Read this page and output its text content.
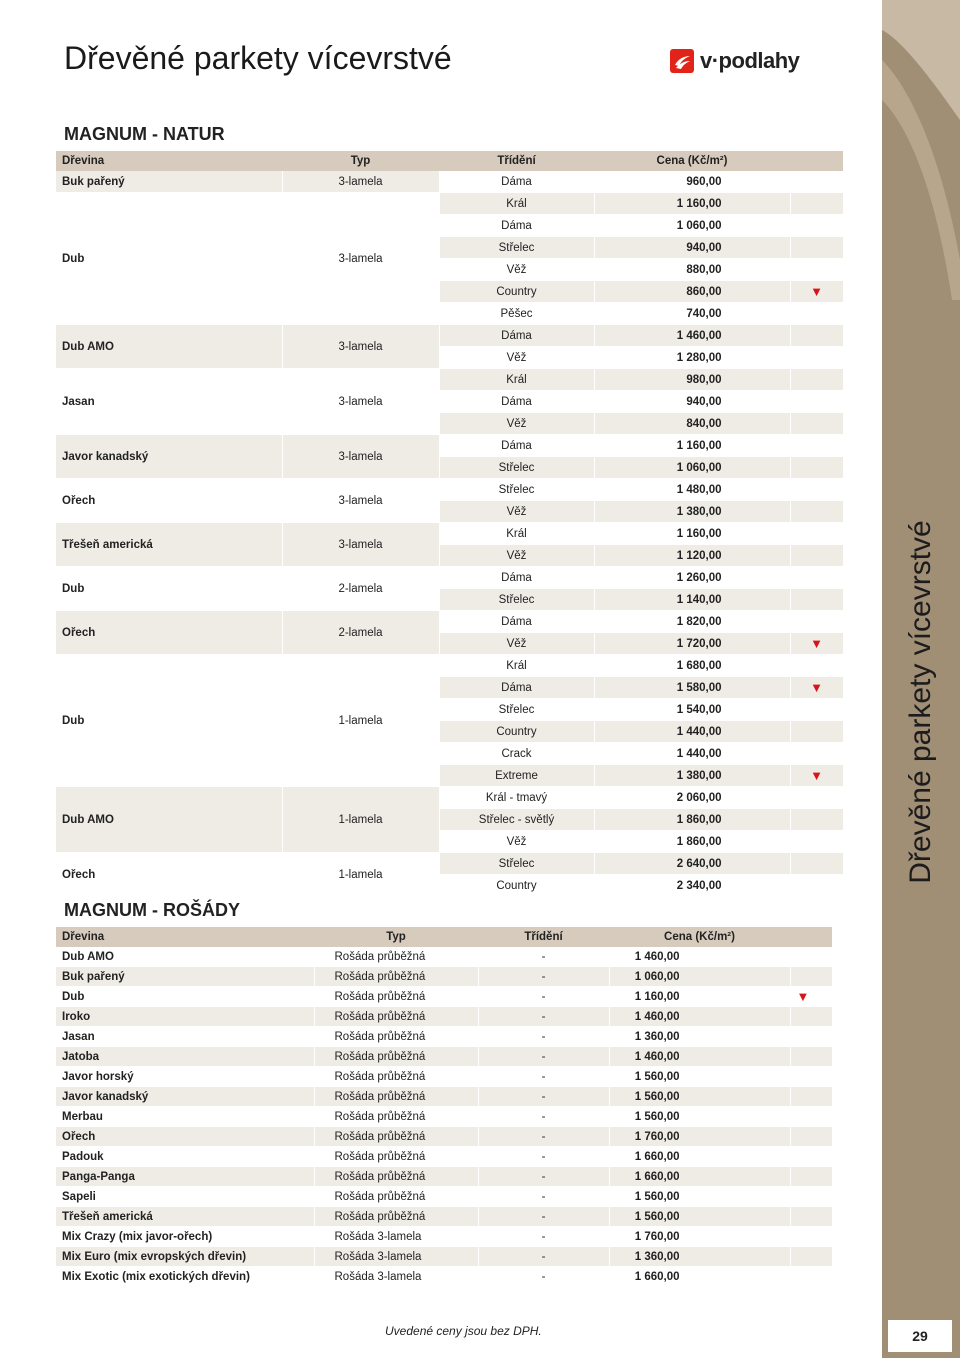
Dřevěné parkety vícevrstvé
29
Dřevěné parkety vícevrstvé	v·podlahy
MAGNUM - NATUR
Dřevina	Typ	Třídění	Cena (Kč/m²)	
Buk pařený	3-lamela	Dáma	960,00	
Dub	3-lamela	Král	1 160,00	
		Dáma	1 060,00	
		Střelec	940,00	
		Věž	880,00	
		Country	860,00	▼
		Pěšec	740,00	
Dub AMO	3-lamela	Dáma	1 460,00	
		Věž	1 280,00	
Jasan	3-lamela	Král	980,00	
		Dáma	940,00	
		Věž	840,00	
Javor kanadský	3-lamela	Dáma	1 160,00	
		Střelec	1 060,00	
Ořech	3-lamela	Střelec	1 480,00	
		Věž	1 380,00	
Třešeň americká	3-lamela	Král	1 160,00	
		Věž	1 120,00	
Dub	2-lamela	Dáma	1 260,00	
		Střelec	1 140,00	
Ořech	2-lamela	Dáma	1 820,00	
		Věž	1 720,00	▼
Dub	1-lamela	Král	1 680,00	
		Dáma	1 580,00	▼
		Střelec	1 540,00	
		Country	1 440,00	
		Crack	1 440,00	
		Extreme	1 380,00	▼
Dub AMO	1-lamela	Král - tmavý	2 060,00	
		Střelec - světlý	1 860,00	
		Věž	1 860,00	
Ořech	1-lamela	Střelec	2 640,00	
		Country	2 340,00	
MAGNUM - ROŠÁDY
Dřevina	Typ	Třídění	Cena (Kč/m²)	
Dub AMO	Rošáda průběžná	-	1 460,00	
Buk pařený	Rošáda průběžná	-	1 060,00	
Dub	Rošáda průběžná	-	1 160,00	▼
Iroko	Rošáda průběžná	-	1 460,00	
Jasan	Rošáda průběžná	-	1 360,00	
Jatoba	Rošáda průběžná	-	1 460,00	
Javor horský	Rošáda průběžná	-	1 560,00	
Javor kanadský	Rošáda průběžná	-	1 560,00	
Merbau	Rošáda průběžná	-	1 560,00	
Ořech	Rošáda průběžná	-	1 760,00	
Padouk	Rošáda průběžná	-	1 660,00	
Panga-Panga	Rošáda průběžná	-	1 660,00	
Sapeli	Rošáda průběžná	-	1 560,00	
Třešeň americká	Rošáda průběžná	-	1 560,00	
Mix Crazy (mix javor-ořech)	Rošáda 3-lamela	-	1 760,00	
Mix Euro (mix evropských dřevin)	Rošáda 3-lamela	-	1 360,00	
Mix Exotic (mix exotických dřevin)	Rošáda 3-lamela	-	1 660,00	
Uvedené ceny jsou bez DPH.
